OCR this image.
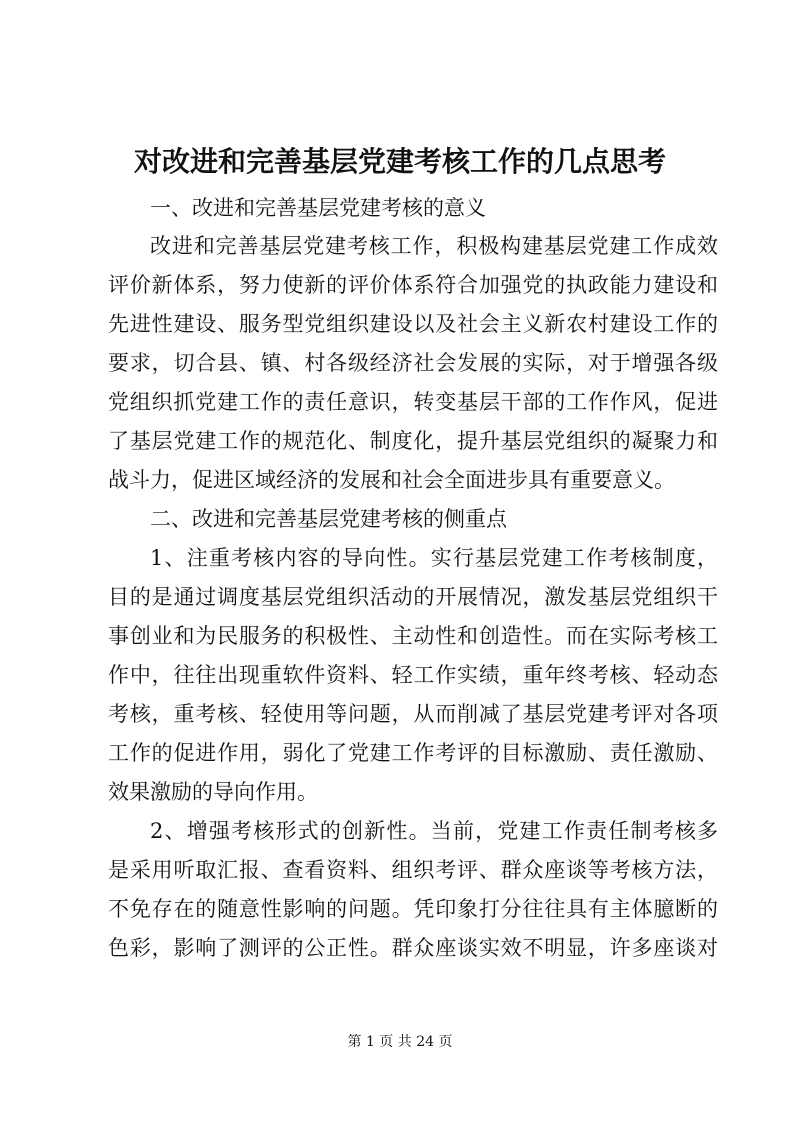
对改进和完善基层党建考核工作的几点思考
一、改进和完善基层党建考核的意义
改进和完善基层党建考核工作，积极构建基层党建工作成效
评价新体系，努力使新的评价体系符合加强党的执政能力建设和
先进性建设、服务型党组织建设以及社会主义新农村建设工作的
要求，切合县、镇、村各级经济社会发展的实际，对于增强各级
党组织抓党建工作的责任意识，转变基层干部的工作作风，促进
了基层党建工作的规范化、制度化，提升基层党组织的凝聚力和
战斗力，促进区域经济的发展和社会全面进步具有重要意义。
二、改进和完善基层党建考核的侧重点
1、注重考核内容的导向性。实行基层党建工作考核制度，
目的是通过调度基层党组织活动的开展情况，激发基层党组织干
事创业和为民服务的积极性、主动性和创造性。而在实际考核工
作中，往往出现重软件资料、轻工作实绩，重年终考核、轻动态
考核，重考核、轻使用等问题，从而削减了基层党建考评对各项
工作的促进作用，弱化了党建工作考评的目标激励、责任激励、
效果激励的导向作用。
2、增强考核形式的创新性。当前，党建工作责任制考核多
是采用听取汇报、查看资料、组织考评、群众座谈等考核方法，
不免存在的随意性影响的问题。凭印象打分往往具有主体臆断的
色彩，影响了测评的公正性。群众座谈实效不明显，许多座谈对
第 1 页 共 24 页
